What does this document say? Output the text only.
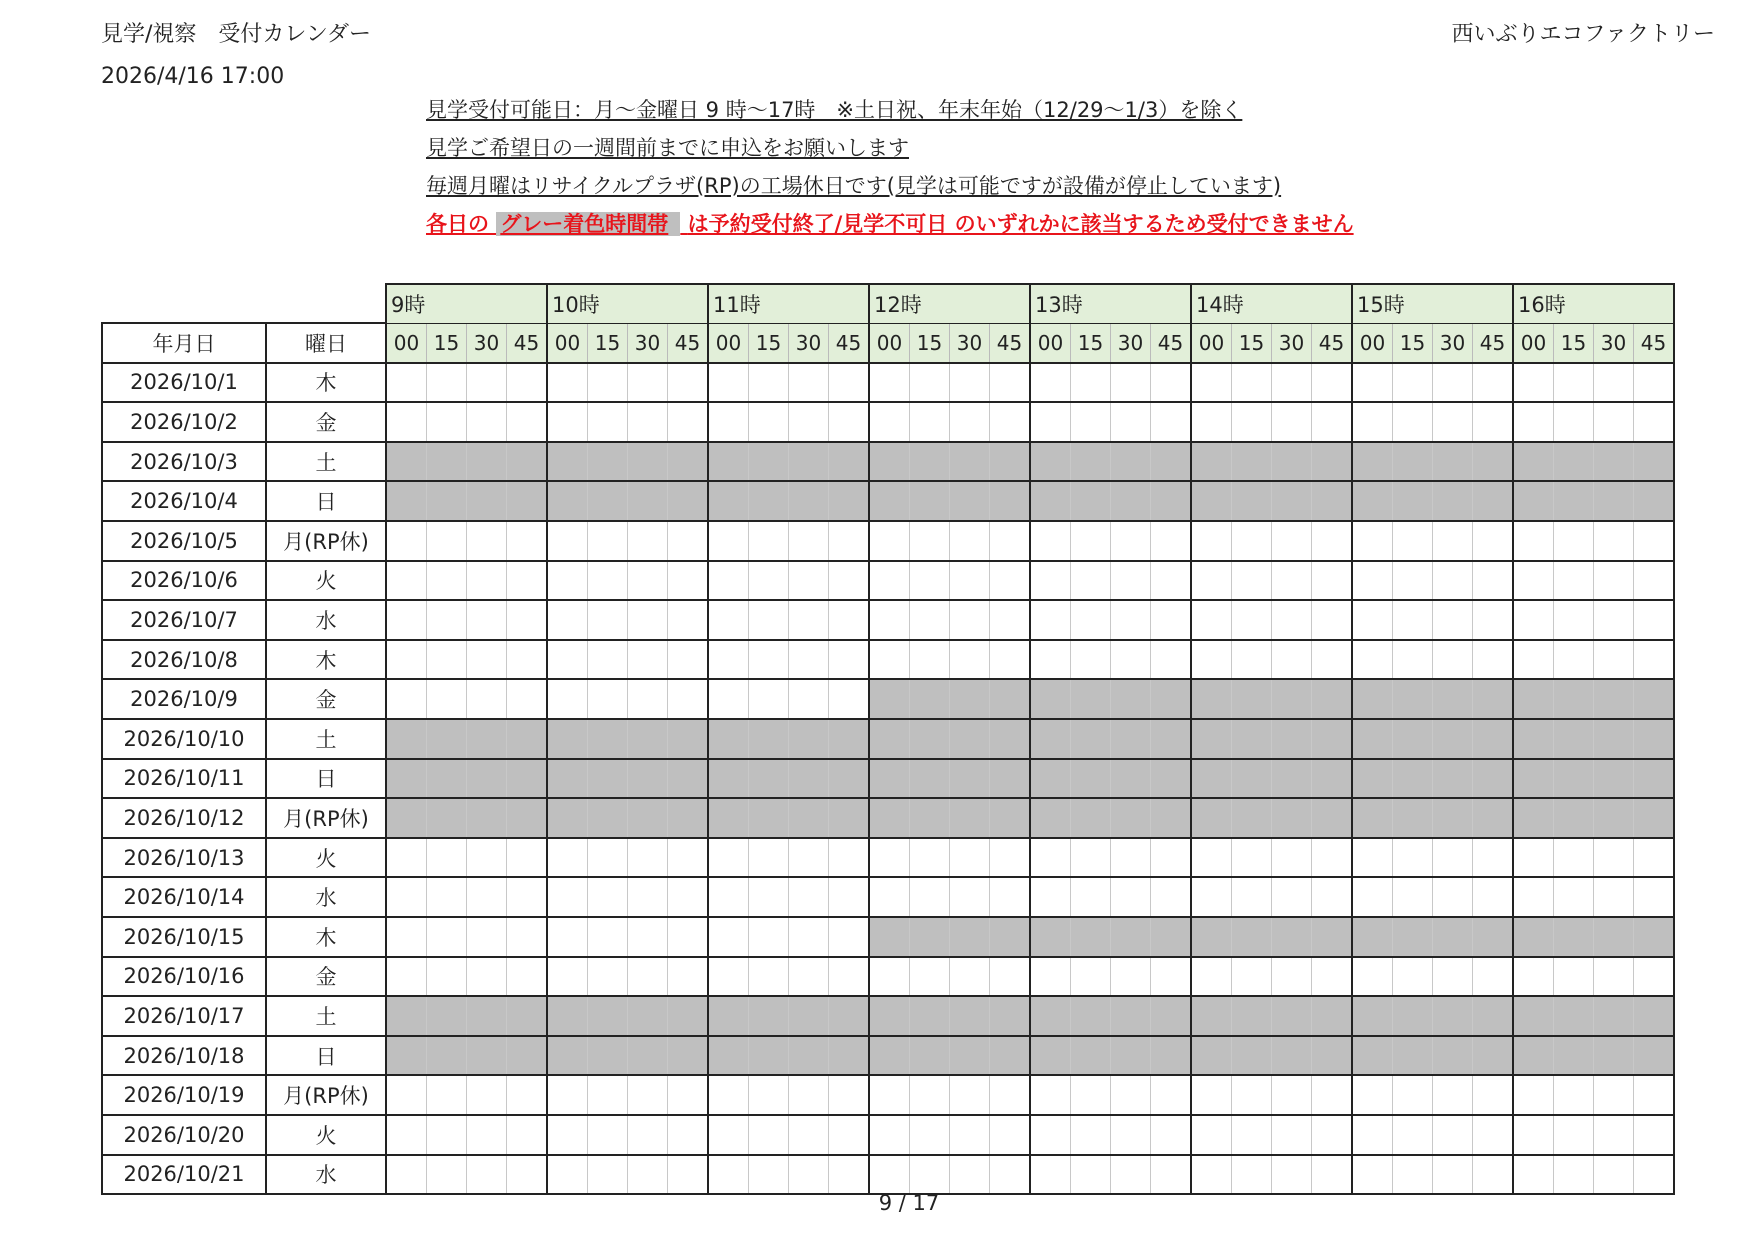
見学/視察　受付カレンダー
2026/4/16 17:00
西いぶりエコファクトリー
見学受付可能日：月～金曜日 9 時～17時　※土日祝、年末年始（12/29～1/3）を除く
見学ご希望日の一週間前までに申込をお願いします
毎週月曜はリサイクルプラザ(RP)の工場休日です(見学は可能ですが設備が停止しています)
各日の グレー着色時間帯 は予約受付終了/見学不可日 のいずれかに該当するため受付できません
		9時				10時				11時				12時				13時				14時				15時				16時			
年月日	曜日	00	15	30	45	00	15	30	45	00	15	30	45	00	15	30	45	00	15	30	45	00	15	30	45	00	15	30	45	00	15	30	45
2026/10/1	木																																
2026/10/2	金																																
2026/10/3	土																																
2026/10/4	日																																
2026/10/5	月(RP休)																																
2026/10/6	火																																
2026/10/7	水																																
2026/10/8	木																																
2026/10/9	金																																
2026/10/10	土																																
2026/10/11	日																																
2026/10/12	月(RP休)																																
2026/10/13	火																																
2026/10/14	水																																
2026/10/15	木																																
2026/10/16	金																																
2026/10/17	土																																
2026/10/18	日																																
2026/10/19	月(RP休)																																
2026/10/20	火																																
2026/10/21	水																																
9 / 17
